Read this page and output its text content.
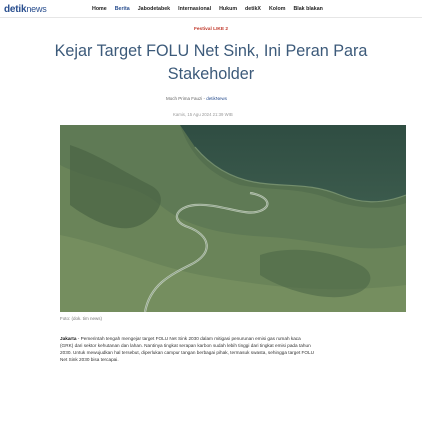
detiknews	Home Berita Jabodetabek Internasional Hukum detikX Kolom Blak blakan
Festival LIKE 2
Kejar Target FOLU Net Sink, Ini Peran Para
Stakeholder
Moch Prima Fauzi - detikNews
Kamis, 15 Agu 2024 21:39 WIB
Foto: (dok. tim news)

Jakarta - Pemerintah tengah mengejar target FOLU Net Sink 2030 dalam mitigasi penurunan emisi gas rumah kaca (GRK) dari sektor kehutanan dan lahan. Nantinya tingkat serapan karbon sudah lebih tinggi dari tingkat emisi pada tahun 2030. Untuk mewujudkan hal tersebut, diperlukan campur tangan berbagai pihak, termasuk swasta, sehingga target FOLU Net Sink 2030 bisa tercapai.
